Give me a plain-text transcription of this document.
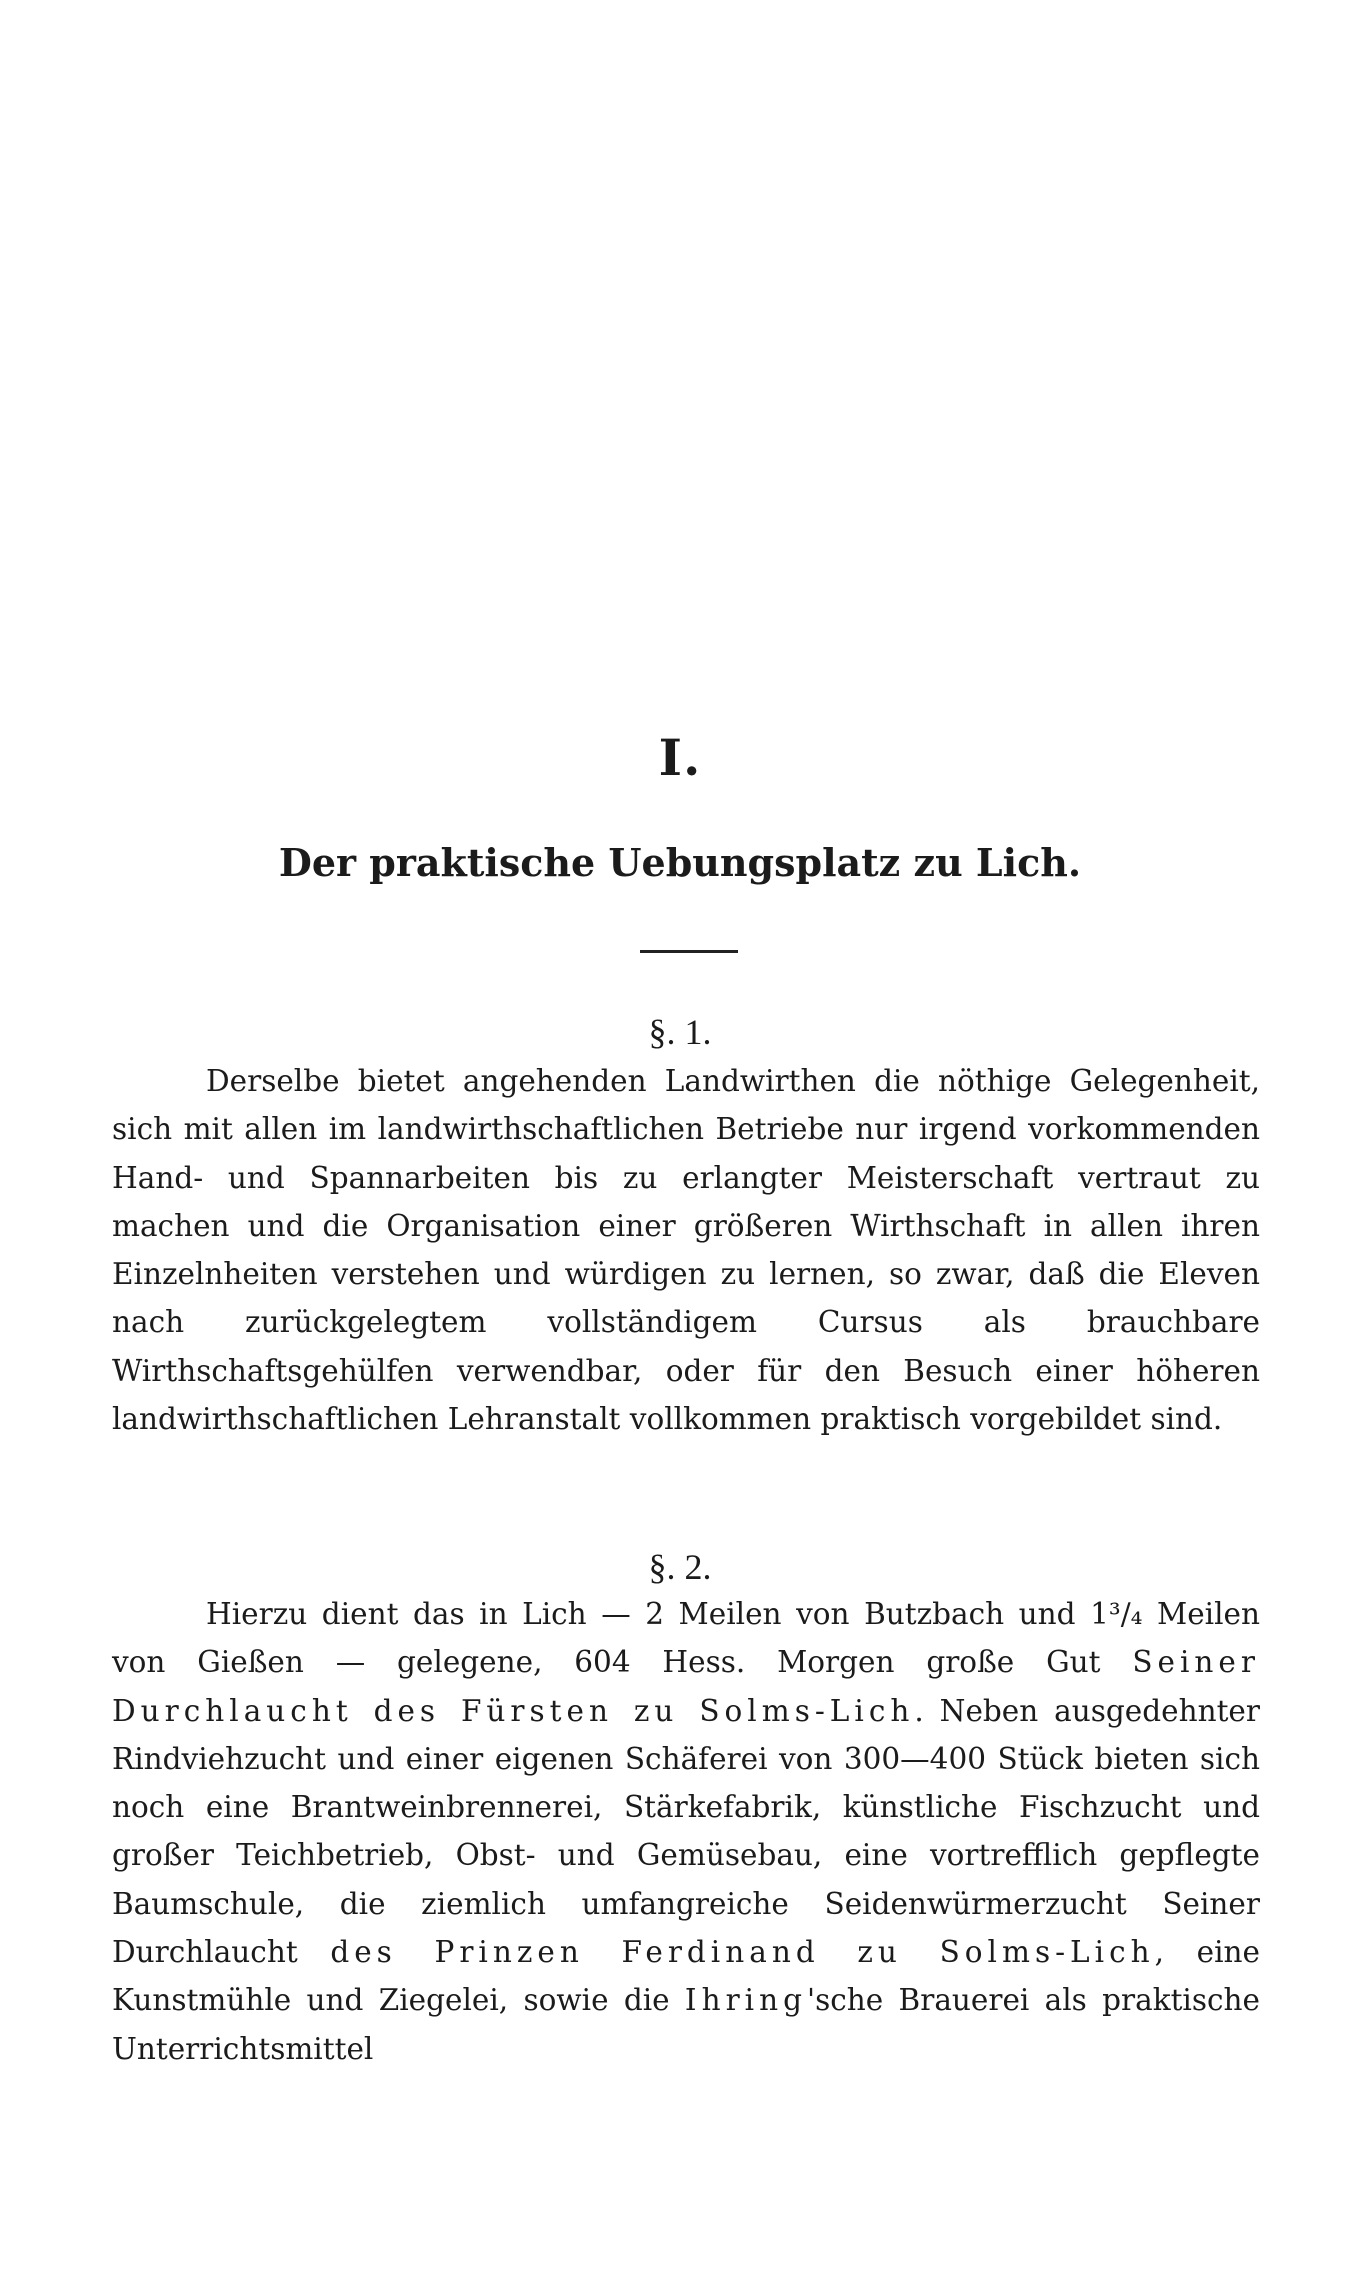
I.
Der praktische Uebungsplatz zu Lich.
§. 1.

Derselbe bietet angehenden Landwirthen die nöthige Gelegenheit, sich mit allen im landwirthschaftlichen Betriebe nur irgend vorkommenden Hand- und Spannarbeiten bis zu erlangter Meisterschaft vertraut zu machen und die Organisation einer größeren Wirthschaft in allen ihren Einzelnheiten verstehen und würdigen zu lernen, so zwar, daß die Eleven nach zurückgelegtem vollständigem Cursus als brauchbare Wirthschaftsgehülfen verwendbar, oder für den Besuch einer höheren landwirthschaftlichen Lehranstalt vollkommen praktisch vorgebildet sind.

§. 2.

Hierzu dient das in Lich — 2 Meilen von Butzbach und 1³/₄ Meilen von Gießen — gelegene, 604 Hess. Morgen große Gut Seiner Durchlaucht des Fürsten zu Solms-Lich. Neben ausgedehnter Rindviehzucht und einer eigenen Schäferei von 300—400 Stück bieten sich noch eine Brantweinbrennerei, Stärkefabrik, künstliche Fischzucht und großer Teichbetrieb, Obst- und Gemüsebau, eine vortrefflich gepflegte Baumschule, die ziemlich umfangreiche Seidenwürmerzucht Seiner Durchlaucht des Prinzen Ferdinand zu Solms-Lich, eine Kunstmühle und Ziegelei, sowie die Ihring'sche Brauerei als praktische Unterrichtsmittel
